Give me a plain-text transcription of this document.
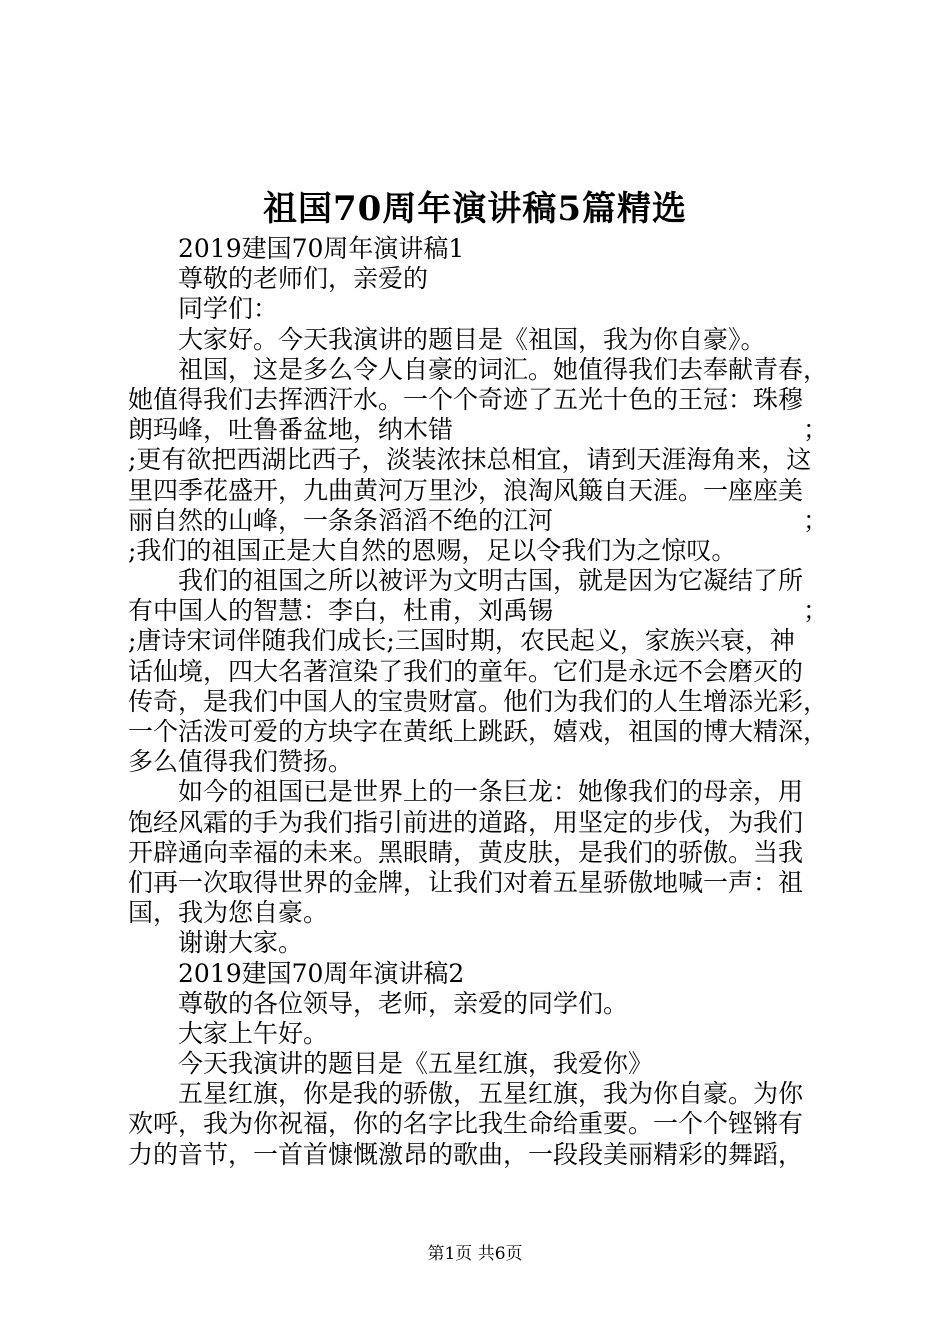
祖国70周年演讲稿5篇精选
2019建国70周年演讲稿1
尊敬的老师们，亲爱的
同学们：
大家好。今天我演讲的题目是《祖国，我为你自豪》。
祖国，这是多么令人自豪的词汇。她值得我们去奉献青春，
她值得我们去挥洒汗水。一个个奇迹了五光十色的王冠：珠穆
朗玛峰，吐鲁番盆地，纳木错	；
;更有欲把西湖比西子，淡装浓抹总相宜，请到天涯海角来，这
里四季花盛开，九曲黄河万里沙，浪淘风簸自天涯。一座座美
丽自然的山峰，一条条滔滔不绝的江河	；
;我们的祖国正是大自然的恩赐，足以令我们为之惊叹。
我们的祖国之所以被评为文明古国，就是因为它凝结了所
有中国人的智慧：李白，杜甫，刘禹锡	；
;唐诗宋词伴随我们成长;三国时期，农民起义，家族兴衰，神
话仙境，四大名著渲染了我们的童年。它们是永远不会磨灭的
传奇，是我们中国人的宝贵财富。他们为我们的人生增添光彩，
一个活泼可爱的方块字在黄纸上跳跃，嬉戏，祖国的博大精深，
多么值得我们赞扬。
如今的祖国已是世界上的一条巨龙：她像我们的母亲，用
饱经风霜的手为我们指引前进的道路，用坚定的步伐，为我们
开辟通向幸福的未来。黑眼睛，黄皮肤，是我们的骄傲。当我
们再一次取得世界的金牌，让我们对着五星骄傲地喊一声：祖
国，我为您自豪。
谢谢大家。
2019建国70周年演讲稿2
尊敬的各位领导，老师，亲爱的同学们。
大家上午好。
今天我演讲的题目是《五星红旗，我爱你》
五星红旗，你是我的骄傲，五星红旗，我为你自豪。为你
欢呼，我为你祝福，你的名字比我生命给重要。一个个铿锵有
力的音节，一首首慷慨激昂的歌曲，一段段美丽精彩的舞蹈，
第1页 共6页
